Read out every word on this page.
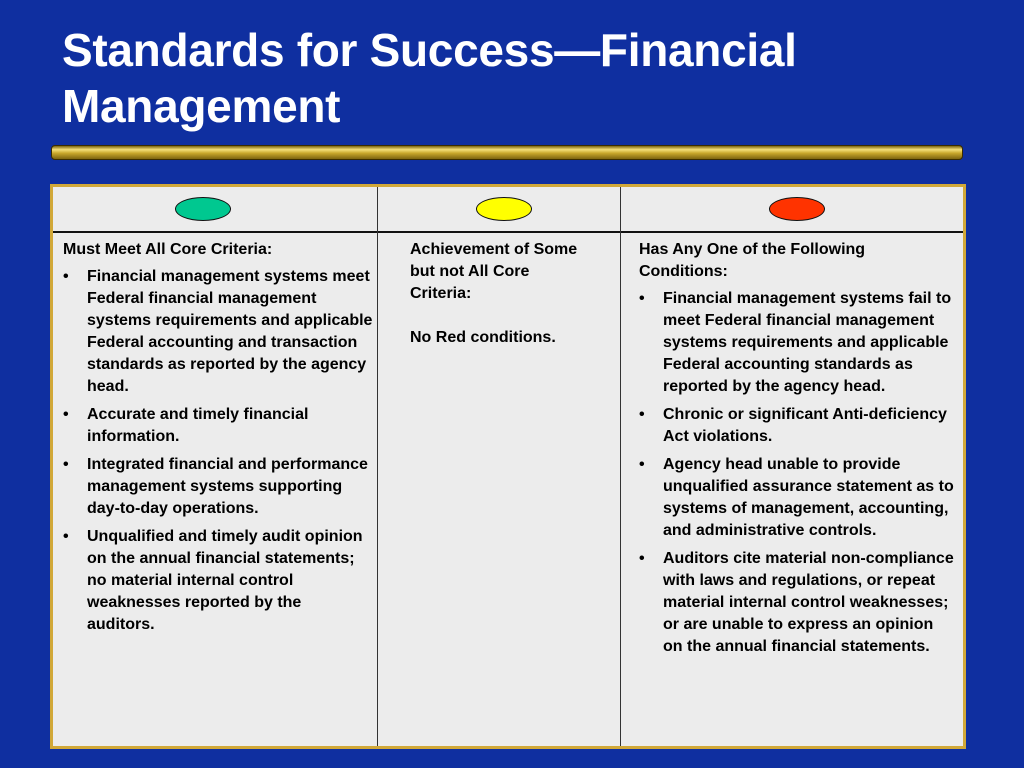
Standards for Success—Financial Management

Must Meet All Core Criteria:

• Financial management systems meet Federal financial management systems requirements and applicable Federal accounting and transaction standards as reported by the agency head.
• Accurate and timely financial information.
• Integrated financial and performance management systems supporting day-to-day operations.
• Unqualified and timely audit opinion on the annual financial statements; no material internal control weaknesses reported by the auditors.

Achievement of Some but not All Core Criteria:

No Red conditions.

Has Any One of the Following Conditions:

• Financial management systems fail to meet Federal financial management systems requirements and applicable Federal accounting standards as reported by the agency head.
• Chronic or significant Anti-deficiency Act violations.
• Agency head unable to provide unqualified assurance statement as to systems of management, accounting, and administrative controls.
• Auditors cite material non-compliance with laws and regulations, or repeat material internal control weaknesses; or are unable to express an opinion on the annual financial statements.
